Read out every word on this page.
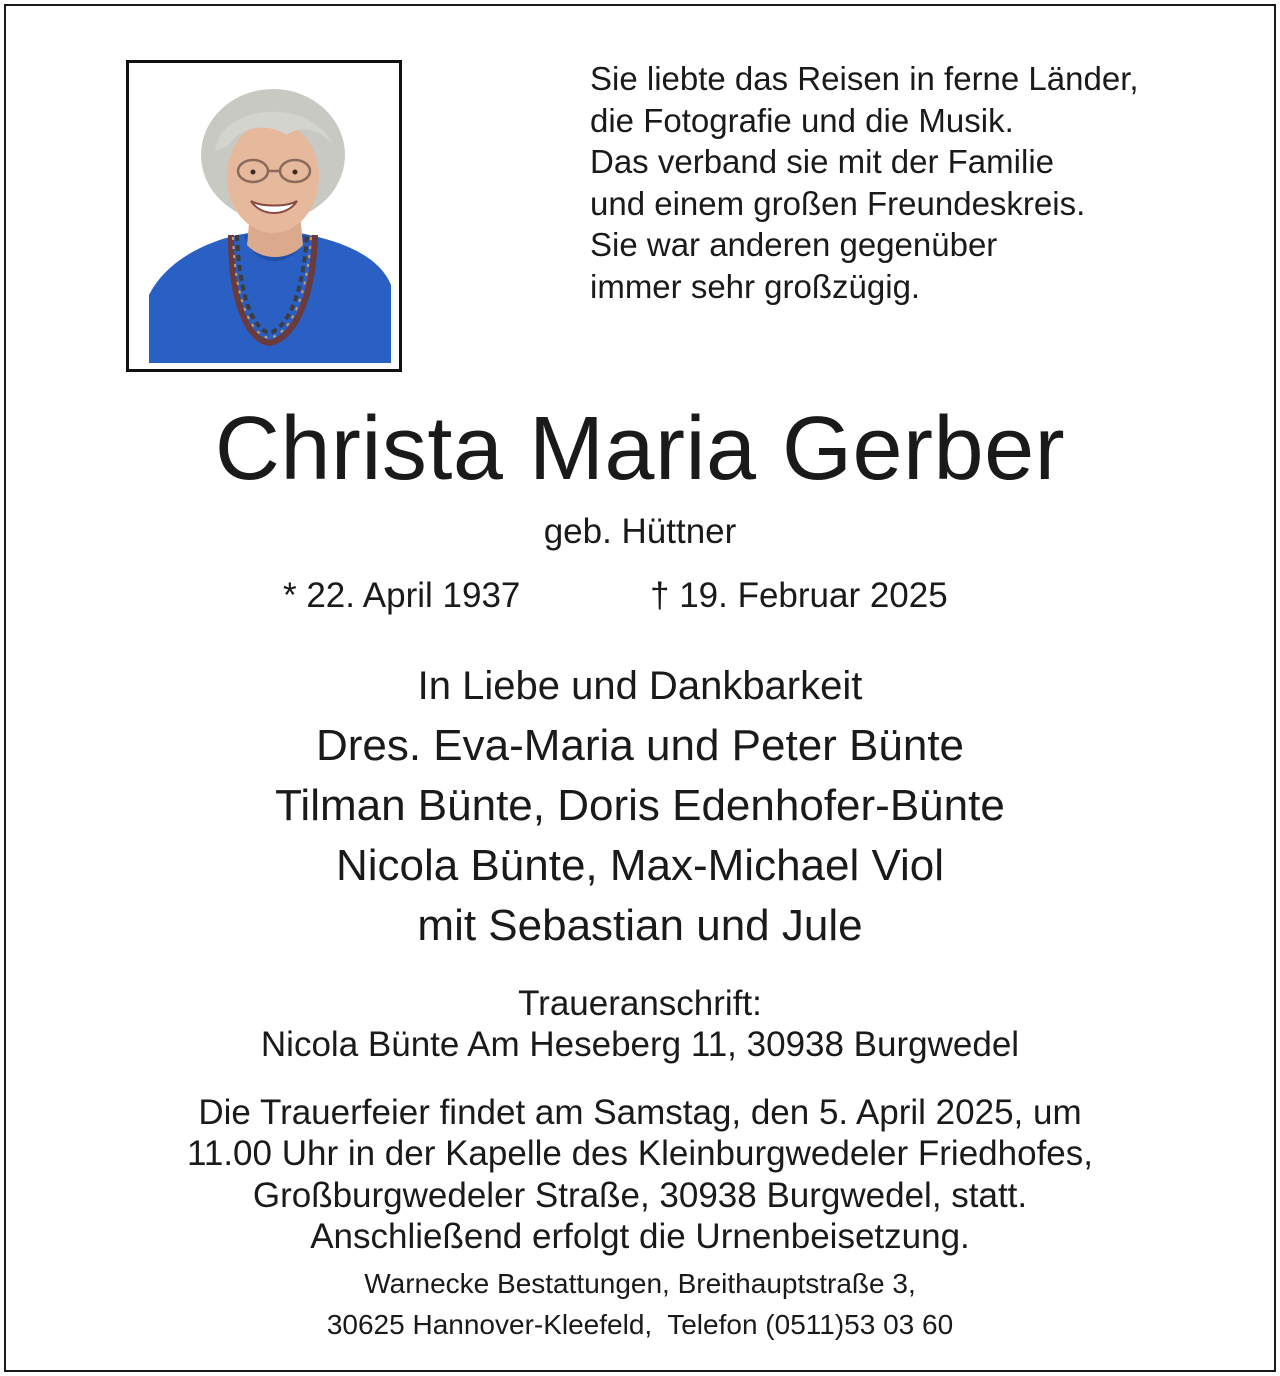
Sie liebte das Reisen in ferne Länder,
die Fotografie und die Musik.
Das verband sie mit der Familie
und einem großen Freundeskreis.
Sie war anderen gegenüber
immer sehr großzügig.
Christa Maria Gerber
geb. Hüttner
* 22. April 1937	† 19. Februar 2025
In Liebe und Dankbarkeit
Dres. Eva-Maria und Peter Bünte
Tilman Bünte, Doris Edenhofer-Bünte
Nicola Bünte, Max-Michael Viol
mit Sebastian und Jule
Traueranschrift:
Nicola Bünte Am Heseberg 11, 30938 Burgwedel
Die Trauerfeier findet am Samstag, den 5. April 2025, um
11.00 Uhr in der Kapelle des Kleinburgwedeler Friedhofes,
Großburgwedeler Straße, 30938 Burgwedel, statt.
Anschließend erfolgt die Urnenbeisetzung.
Warnecke Bestattungen, Breithauptstraße 3,
30625 Hannover-Kleefeld,  Telefon (0511)53 03 60
